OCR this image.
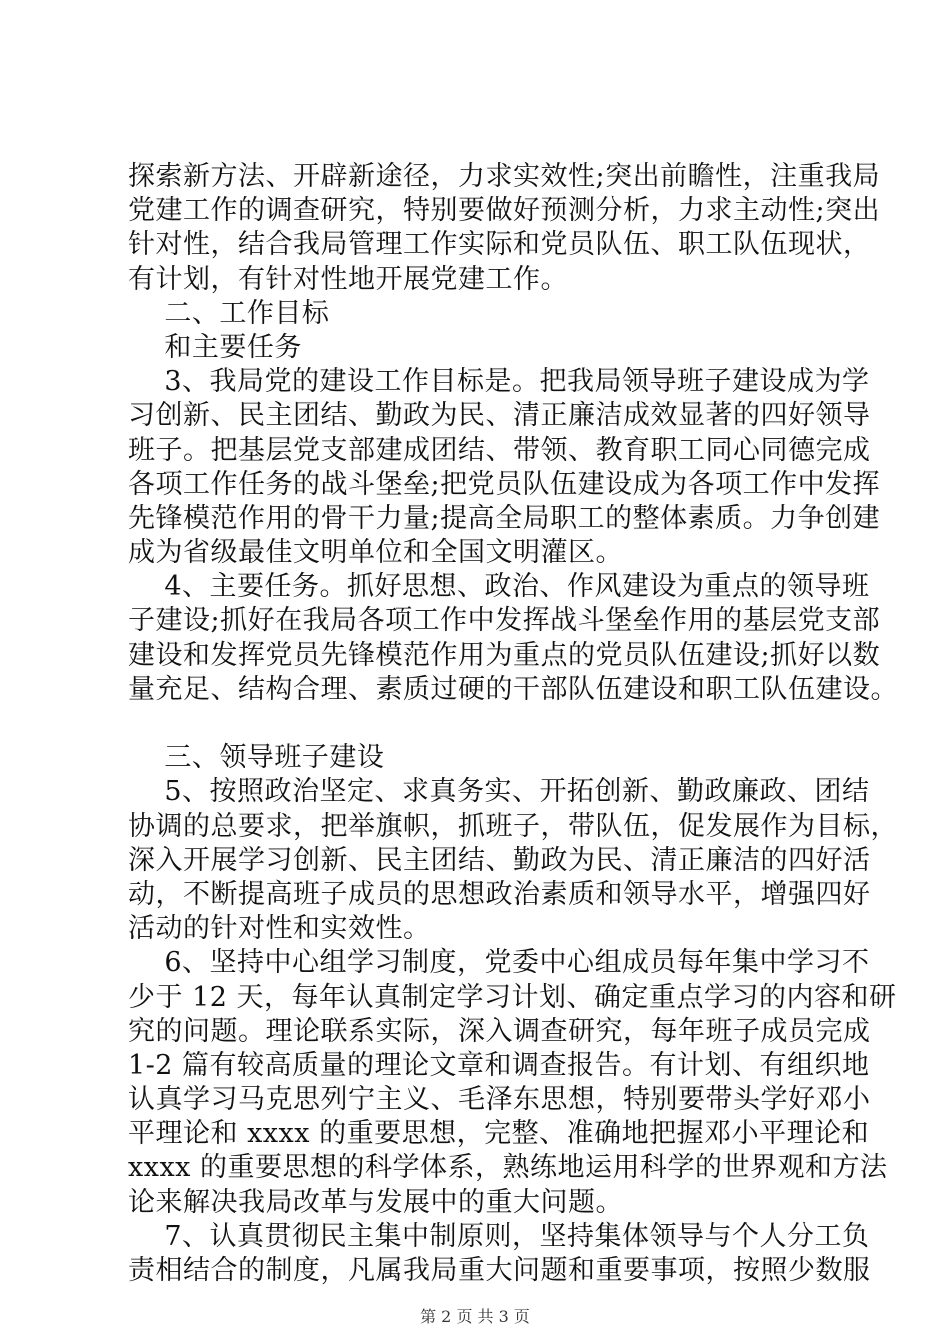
探索新方法、开辟新途径，力求实效性;突出前瞻性，注重我局
党建工作的调查研究，特别要做好预测分析，力求主动性;突出
针对性，结合我局管理工作实际和党员队伍、职工队伍现状，
有计划，有针对性地开展党建工作。
二、工作目标
和主要任务
3、我局党的建设工作目标是。把我局领导班子建设成为学
习创新、民主团结、勤政为民、清正廉洁成效显著的四好领导
班子。把基层党支部建成团结、带领、教育职工同心同德完成
各项工作任务的战斗堡垒;把党员队伍建设成为各项工作中发挥
先锋模范作用的骨干力量;提高全局职工的整体素质。力争创建
成为省级最佳文明单位和全国文明灌区。
4、主要任务。抓好思想、政治、作风建设为重点的领导班
子建设;抓好在我局各项工作中发挥战斗堡垒作用的基层党支部
建设和发挥党员先锋模范作用为重点的党员队伍建设;抓好以数
量充足、结构合理、素质过硬的干部队伍建设和职工队伍建设。
三、领导班子建设
5、按照政治坚定、求真务实、开拓创新、勤政廉政、团结
协调的总要求，把举旗帜，抓班子，带队伍，促发展作为目标，
深入开展学习创新、民主团结、勤政为民、清正廉洁的四好活
动，不断提高班子成员的思想政治素质和领导水平，增强四好
活动的针对性和实效性。
6、坚持中心组学习制度，党委中心组成员每年集中学习不
少于 12 天，每年认真制定学习计划、确定重点学习的内容和研
究的问题。理论联系实际，深入调查研究，每年班子成员完成
1-2 篇有较高质量的理论文章和调查报告。有计划、有组织地
认真学习马克思列宁主义、毛泽东思想，特别要带头学好邓小
平理论和 xxxx 的重要思想，完整、准确地把握邓小平理论和
xxxx 的重要思想的科学体系，熟练地运用科学的世界观和方法
论来解决我局改革与发展中的重大问题。
7、认真贯彻民主集中制原则，坚持集体领导与个人分工负
责相结合的制度，凡属我局重大问题和重要事项，按照少数服
第 2 页 共 3 页
